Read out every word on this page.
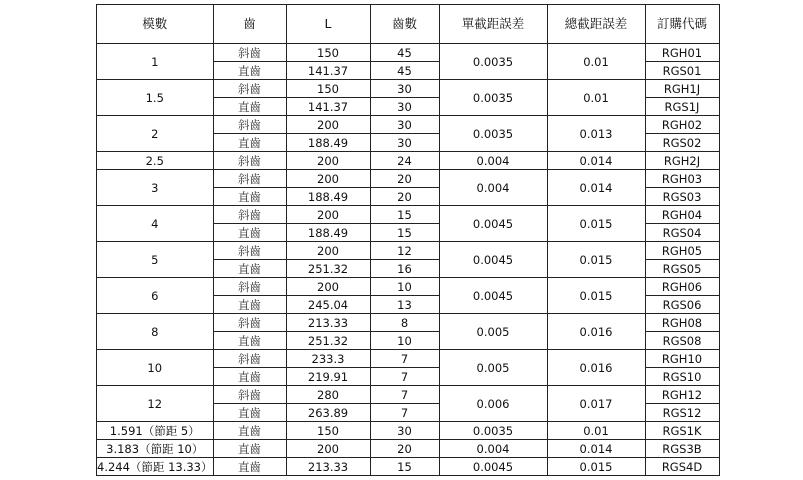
模數	齒	L	齒數	單截距誤差	總截距誤差	訂購代碼
1	斜齒	150	45	0.0035	0.01	RGH01
	直齒	141.37	45			RGS01
1.5	斜齒	150	30	0.0035	0.01	RGH1J
	直齒	141.37	30			RGS1J
2	斜齒	200	30	0.0035	0.013	RGH02
	直齒	188.49	30			RGS02
2.5	斜齒	200	24	0.004	0.014	RGH2J
3	斜齒	200	20	0.004	0.014	RGH03
	直齒	188.49	20			RGS03
4	斜齒	200	15	0.0045	0.015	RGH04
	直齒	188.49	15			RGS04
5	斜齒	200	12	0.0045	0.015	RGH05
	直齒	251.32	16			RGS05
6	斜齒	200	10	0.0045	0.015	RGH06
	直齒	245.04	13			RGS06
8	斜齒	213.33	8	0.005	0.016	RGH08
	直齒	251.32	10			RGS08
10	斜齒	233.3	7	0.005	0.016	RGH10
	直齒	219.91	7			RGS10
12	斜齒	280	7	0.006	0.017	RGH12
	直齒	263.89	7			RGS12
1.591（節距 5）	直齒	150	30	0.0035	0.01	RGS1K
3.183（節距 10）	直齒	200	20	0.004	0.014	RGS3B
4.244（節距 13.33）	直齒	213.33	15	0.0045	0.015	RGS4D
